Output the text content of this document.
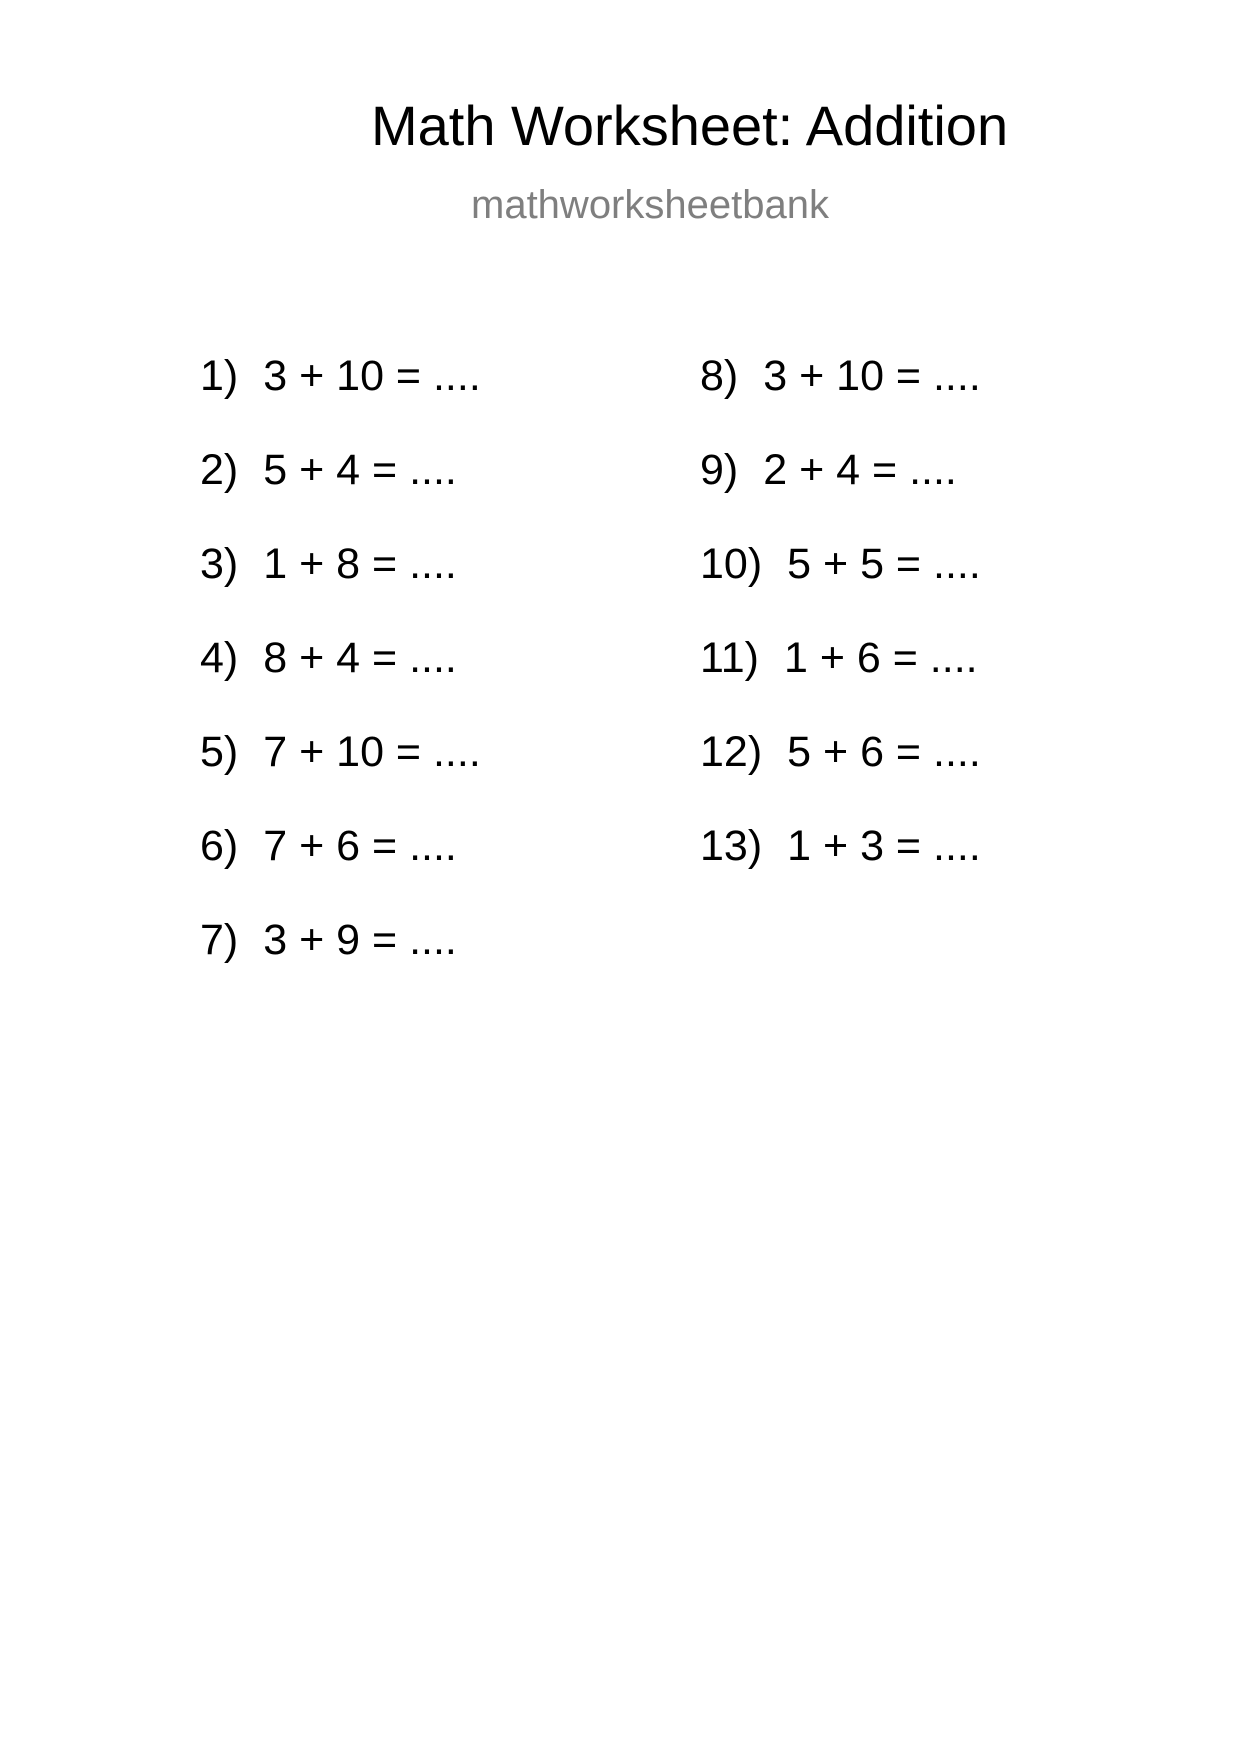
Math Worksheet: Addition
mathworksheetbank
1) 3 + 10 = ....
2) 5 + 4 = ....
3) 1 + 8 = ....
4) 8 + 4 = ....
5) 7 + 10 = ....
6) 7 + 6 = ....
7) 3 + 9 = ....
8) 3 + 10 = ....
9) 2 + 4 = ....
10) 5 + 5 = ....
11) 1 + 6 = ....
12) 5 + 6 = ....
13) 1 + 3 = ....
